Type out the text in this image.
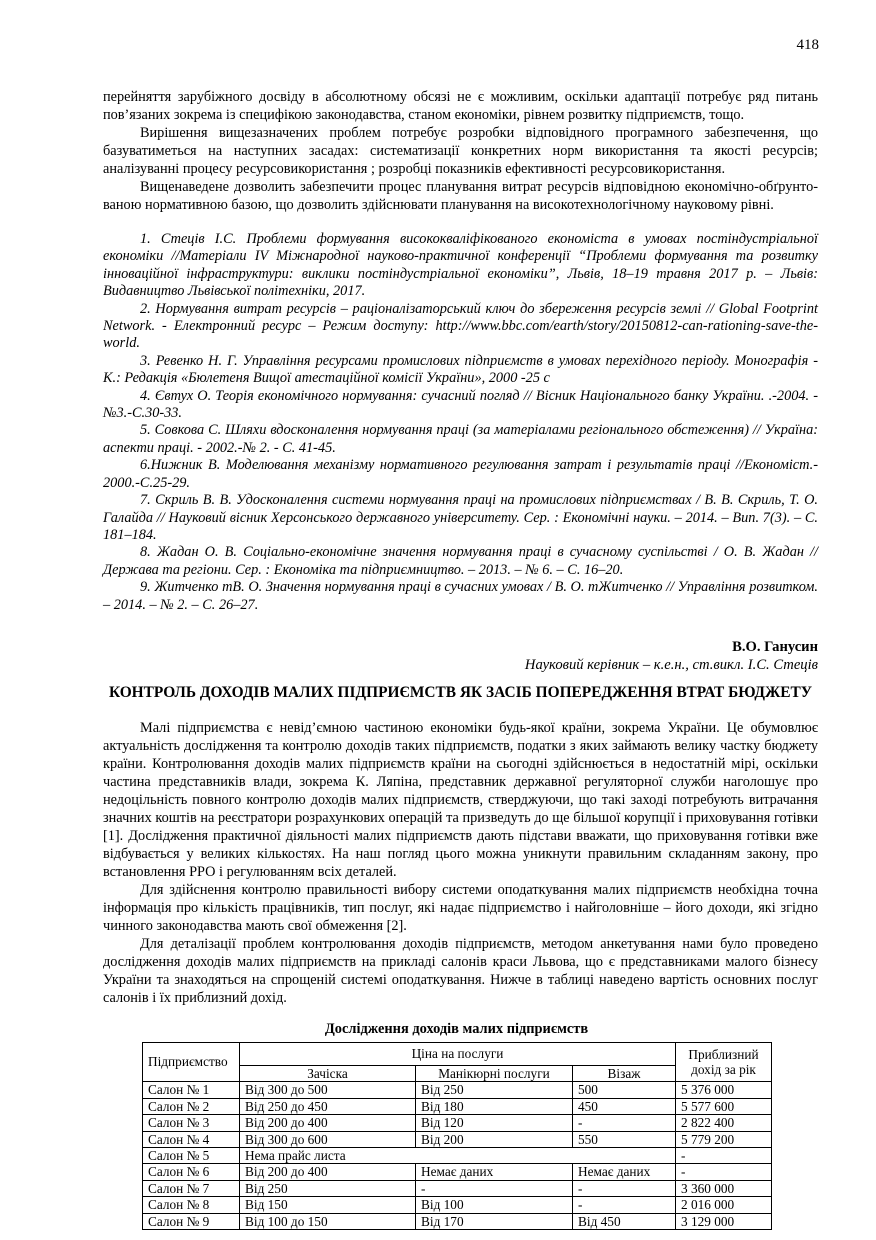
418

перейняття зарубіжного досвіду в абсолютному обсязі не є можливим, оскільки адаптації потребує ряд питань пов’язаних зокрема із специфікою законодавства, станом економіки, рівнем розвитку підприємств, тощо.

Вирішення вищезазначених проблем потребує розробки відповідного програмного забезпечення, що базуватиметься на наступних засадах: систематизації конкретних норм використання та якості ресурсів; аналізуванні процесу ресурсовикористання ; розробці показників ефективності ресурсовикористання.

Вищенаведене дозволить забезпечити процес планування витрат ресурсів відповідною економічно-обґрунто-ваною нормативною базою, що дозволить здійснювати планування на високотехнологічному науковому рівні.

1. Стеців І.С. Проблеми формування висококваліфікованого економіста в умовах постіндустріальної економіки //Матеріали IV Міжнародної науково-практичної конференції “Проблеми формування та розвитку інноваційної інфраструктури: виклики постіндустріальної економіки”, Львів, 18–19 травня 2017 р. – Львів: Видавництво Львівської політехніки, 2017.

2. Нормування витрат ресурсів – раціоналізаторський ключ до збереження ресурсів землі // Global Footprint Network. - Електронний ресурс – Режим доступу: http://www.bbc.com/earth/story/20150812-can-rationing-save-the-world.

3. Ревенко Н. Г. Управління ресурсами промислових підприємств в умовах перехідного періоду. Монографія - К.: Редакція «Бюлетеня Вищої атестаційної комісії України», 2000 -25 с

4. Євтух О. Теорія економічного нормування: сучасний погляд // Вісник Національного банку України. .-2004. - №3.-С.30-33.

5. Совкова С. Шляхи вдосконалення нормування праці (за матеріалами регіонального обстеження) // Україна: аспекти праці. - 2002.-№ 2. - С. 41-45.

6.Нижник В. Моделювання механізму нормативного регулювання затрат і результатів праці //Економіст.- 2000.-С.25-29.

7. Скриль В. В. Удосконалення системи нормування праці на промислових підприємствах / В. В. Скриль, Т. О. Галайда // Науковий вісник Херсонського державного університету. Сер. : Економічні науки. – 2014. – Вип. 7(3). – С. 181–184.

8. Жадан О. В. Соціально-економічне значення нормування праці в сучасному суспільстві / О. В. Жадан // Держава та регіони. Сер. : Економіка та підприємництво. – 2013. – № 6. – С. 16–20.

9. Житченко тВ. О. Значення нормування праці в сучасних умовах / В. О. тЖитченко // Управління розвитком. – 2014. – № 2. – С. 26–27.

В.О. Ганусин
Науковий керівник – к.е.н., ст.викл. І.С. Стеців
КОНТРОЛЬ ДОХОДІВ МАЛИХ ПІДПРИЄМСТВ ЯК ЗАСІБ ПОПЕРЕДЖЕННЯ ВТРАТ БЮДЖЕТУ

Малі підприємства є невід’ємною частиною економіки будь-якої країни, зокрема України. Це обумовлює актуальність дослідження та контролю доходів таких підприємств, податки з яких займають велику частку бюджету країни. Контролювання доходів малих підприємств країни на сьогодні здійснюється в недостатній мірі, оскільки частина представників влади, зокрема К. Ляпіна, представник державної регуляторної служби наголошує про недоцільність повного контролю доходів малих підприємств, стверджуючи, що такі заході потребують витрачання значних коштів на реєстратори розрахункових операцій та призведуть до ще більшої корупції і приховування готівки [1]. Дослідження практичної діяльності малих підприємств дають підстави вважати, що приховування готівки вже відбувається у великих кількостях. На наш погляд цього можна уникнути правильним складанням закону, про встановлення РРО і регулюванням всіх деталей.

Для здійснення контролю правильності вибору системи оподаткування малих підприємств необхідна точна інформація про кількість працівників, тип послуг, які надає підприємство і найголовніше – його доходи, які згідно чинного законодавства мають свої обмеження [2].

Для деталізації проблем контролювання доходів підприємств, методом анкетування нами було проведено дослідження доходів малих підприємств на прикладі салонів краси Львова, що є представниками малого бізнесу України та знаходяться на спрощеній системі оподаткування. Нижче в таблиці наведено вартість основних послуг салонів і їх приблизний дохід.

Дослідження доходів малих підприємств
Підприємство	Ціна на послуги			Приблизний дохід за рік
	Зачіска	Манікюрні послуги	Візаж	
Салон № 1	Від 300 до 500	Від 250	500	5 376 000
Салон № 2	Від 250 до 450	Від 180	450	5 577 600
Салон № 3	Від 200 до 400	Від 120	-	2 822 400
Салон № 4	Від 300 до 600	Від 200	550	5 779 200
Салон № 5	Нема прайс листа			-
Салон № 6	Від 200 до 400	Немає даних	Немає даних	-
Салон № 7	Від 250	-	-	3 360 000
Салон № 8	Від 150	Від 100	-	2 016 000
Салон № 9	Від 100 до 150	Від 170	Від 450	3 129 000
